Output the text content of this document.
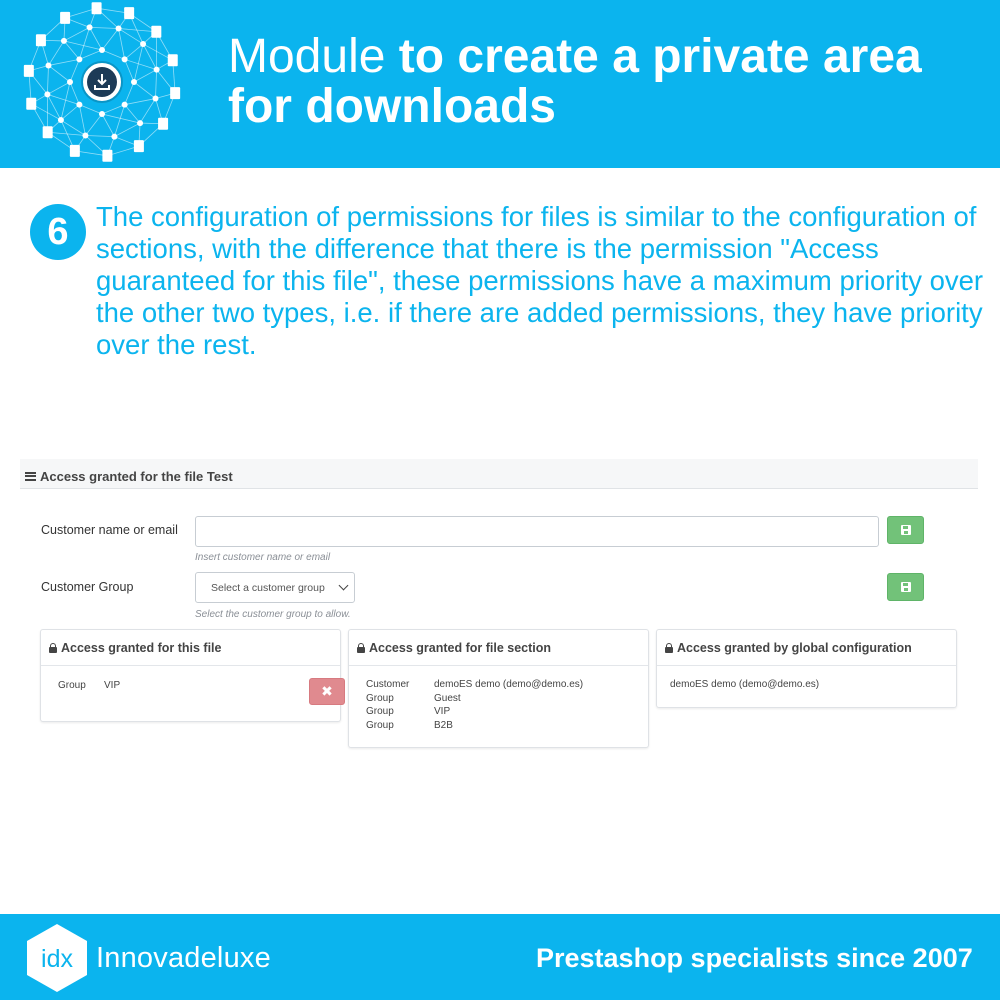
Module to create a private area
for downloads
6 The configuration of permissions for files is similar to the configuration of sections, with the difference that there is the permission "Access guaranteed for this file", these permissions have a maximum priority over the other two types, i.e. if there are added permissions, they have priority over the rest.
Access granted for the file Test
Customer name or email
Insert customer name or email
Customer Group	Select a customer group
Select the customer group to allow.
Access granted for this file
Group	VIP	✖
Access granted for file section
Customer	demoES demo (demo@demo.es)
Group	Guest
Group	VIP
Group	B2B
Access granted by global configuration
demoES demo (demo@demo.es)
idx Innovadeluxe	Prestashop specialists since 2007
